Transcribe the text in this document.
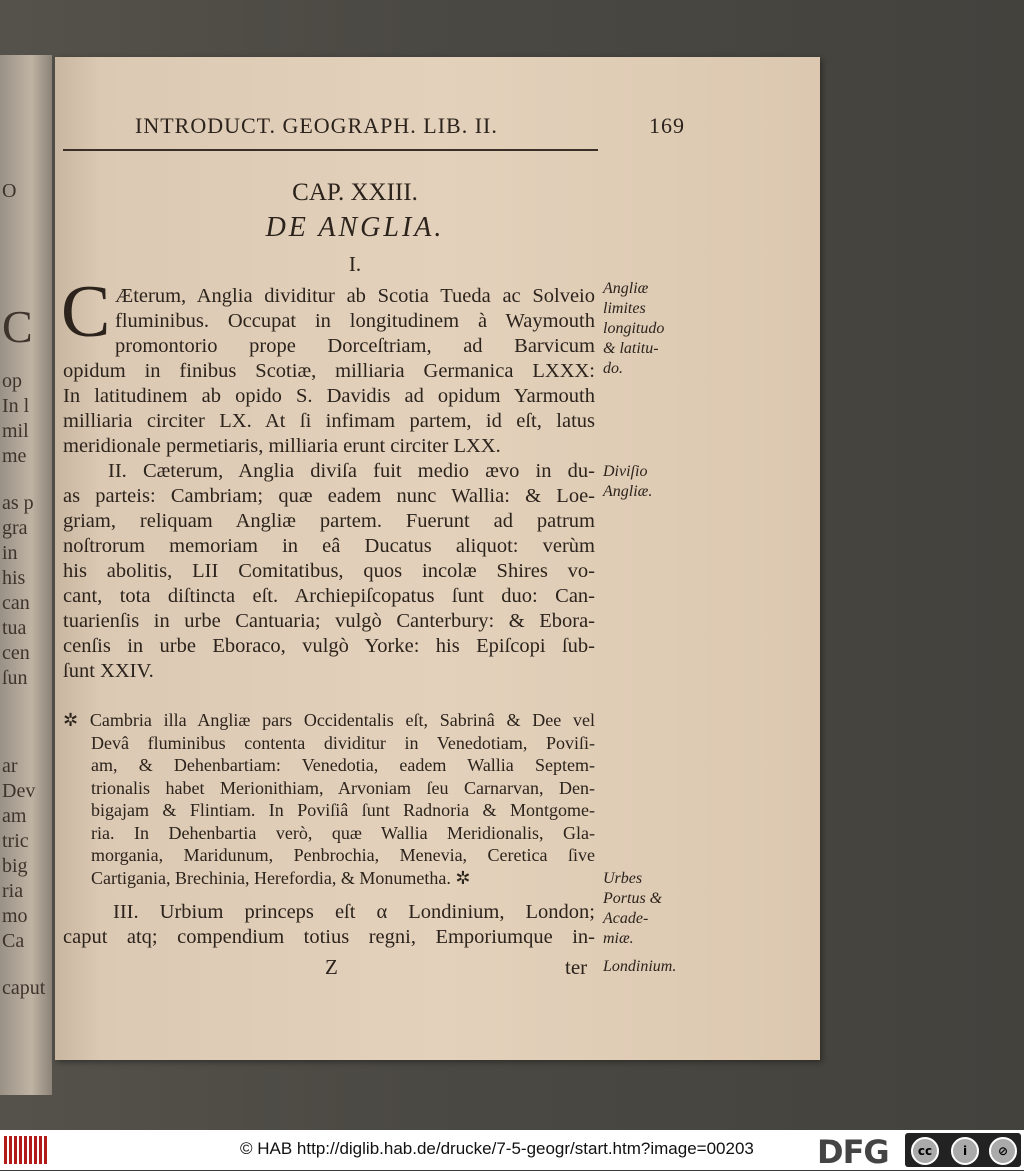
O
C
op
In l
mil
me
as p
gra
in
his
can
tua
cen
ſun
ar
Dev
am
tric
big
ria
mo
Ca
caput
INTRODUCT. GEOGRAPH. LIB. II.	169
CAP. XXIII.
DE ANGLIA.
I.
C Æterum, Anglia dividitur ab Scotia Tueda ac Solveio
fluminibus. Occupat in longitudinem à Waymouth
promontorio prope Dorceſtriam, ad Barvicum
opidum in finibus Scotiæ, milliaria Germanica LXXX:
In latitudinem ab opido S. Davidis ad opidum Yarmouth
milliaria circiter LX. At ſi infimam partem, id eſt, latus
meridionale permetiaris, milliaria erunt circiter LXX.
II. Cæterum, Anglia diviſa fuit medio ævo in du-
as parteis: Cambriam; quæ eadem nunc Wallia: & Loe-
griam, reliquam Angliæ partem. Fuerunt ad patrum
noſtrorum memoriam in eâ Ducatus aliquot: verùm
his abolitis, LII Comitatibus, quos incolæ Shires vo-
cant, tota diſtincta eſt. Archiepiſcopatus ſunt duo: Can-
tuarienſis in urbe Cantuaria; vulgò Canterbury: & Ebora-
cenſis in urbe Eboraco, vulgò Yorke: his Epiſcopi ſub-
ſunt XXIV.
✲ Cambria illa Angliæ pars Occidentalis eſt, Sabrinâ & Dee vel
Devâ fluminibus contenta dividitur in Venedotiam, Poviſi-
am, & Dehenbartiam: Venedotia, eadem Wallia Septem-
trionalis habet Merionithiam, Arvoniam ſeu Carnarvan, Den-
bigajam & Flintiam. In Poviſiâ ſunt Radnoria & Montgome-
ria. In Dehenbartia verò, quæ Wallia Meridionalis, Gla-
morgania, Maridunum, Penbrochia, Menevia, Ceretica ſive
Cartigania, Brechinia, Herefordia, & Monumetha. ✲
III. Urbium princeps eſt α Londinium, London;
caput atq; compendium totius regni, Emporiumque in-
Z	ter
Angliæ
limites
longitudo
& latitu-
do.
Diviſio
Angliæ.
Urbes
Portus &
Acade-
miæ.
Londinium.
© HAB http://diglib.hab.de/drucke/7-5-geogr/start.htm?image=00203 DFG	cc	i	⊘
